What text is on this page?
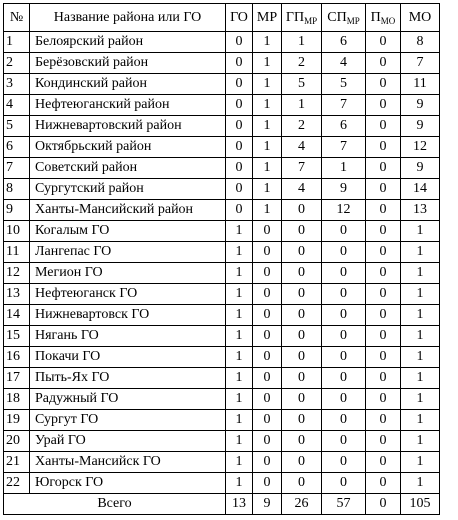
№	Название района или ГО	ГО	МР	$ГП_{МР}$	$СП_{МР}$	$П_{МО}$	МО
1	Белоярский район	0	1	1	6	0	8
2	Берёзовский район	0	1	2	4	0	7
3	Кондинский район	0	1	5	5	0	11
4	Нефтеюганский район	0	1	1	7	0	9
5	Нижневартовский район	0	1	2	6	0	9
6	Октябрьский район	0	1	4	7	0	12
7	Советский район	0	1	7	1	0	9
8	Сургутский район	0	1	4	9	0	14
9	Ханты-Мансийский район	0	1	0	12	0	13
10	Когалым ГО	1	0	0	0	0	1
11	Лангепас ГО	1	0	0	0	0	1
12	Мегион ГО	1	0	0	0	0	1
13	Нефтеюганск ГО	1	0	0	0	0	1
14	Нижневартовск ГО	1	0	0	0	0	1
15	Нягань ГО	1	0	0	0	0	1
16	Покачи ГО	1	0	0	0	0	1
17	Пыть-Ях ГО	1	0	0	0	0	1
18	Радужный ГО	1	0	0	0	0	1
19	Сургут ГО	1	0	0	0	0	1
20	Урай ГО	1	0	0	0	0	1
21	Ханты-Мансийск ГО	1	0	0	0	0	1
22	Югорск ГО	1	0	0	0	0	1
Всего		13	9	26	57	0	105
